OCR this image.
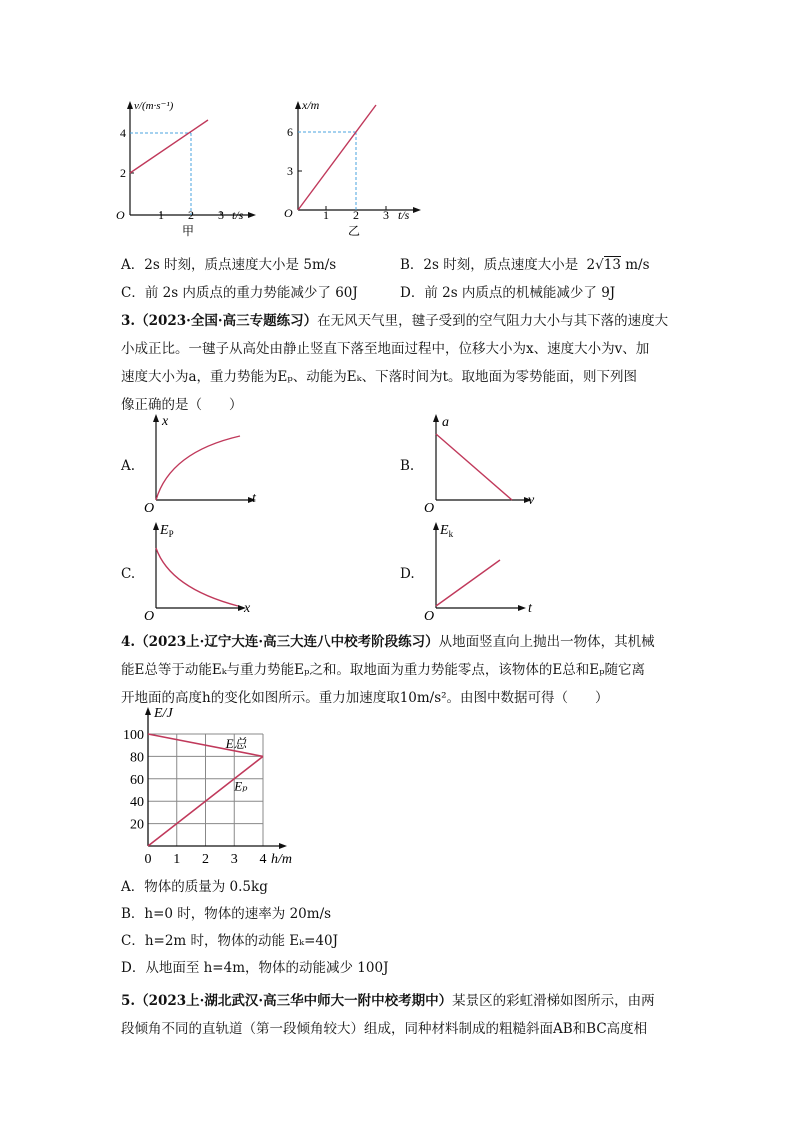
v/(m·s⁻¹)
4
2
O	1 2 3 t/s
甲
x/m
6
3
O	1 2 3 t/s
乙
A．2s 时刻，质点速度大小是 5m/s	B．2s 时刻，质点速度大小是 2√13 m/s
C．前 2s 内质点的重力势能减少了 60J	D．前 2s 内质点的机械能减少了 9J
3.（2023·全国·高三专题练习）在无风天气里，毽子受到的空气阻力大小与其下落的速度大
小成正比。一毽子从高处由静止竖直下落至地面过程中，位移大小为x、速度大小为v、加
速度大小为a，重力势能为Eₚ、动能为Eₖ、下落时间为t。取地面为零势能面，则下列图
像正确的是（　　）
A.
x
t
O
B.
a
v
O
C.
$E_P$
x
O
D.
$E_k$
t
O
4.（2023上·辽宁大连·高三大连八中校考阶段练习）从地面竖直向上抛出一物体，其机械
能E总等于动能Eₖ与重力势能Eₚ之和。取地面为重力势能零点，该物体的E总和Eₚ随它离
开地面的高度h的变化如图所示。重力加速度取10m/s²。由图中数据可得（　　）
20
40
60
80
100
0 1 2 3 4
E/J
h/m
E总
Eₚ
A．物体的质量为 0.5kg
B．h=0 时，物体的速率为 20m/s
C．h=2m 时，物体的动能 Eₖ=40J
D．从地面至 h=4m，物体的动能减少 100J
5.（2023上·湖北武汉·高三华中师大一附中校考期中）某景区的彩虹滑梯如图所示，由两
段倾角不同的直轨道（第一段倾角较大）组成，同种材料制成的粗糙斜面AB和BC高度相
